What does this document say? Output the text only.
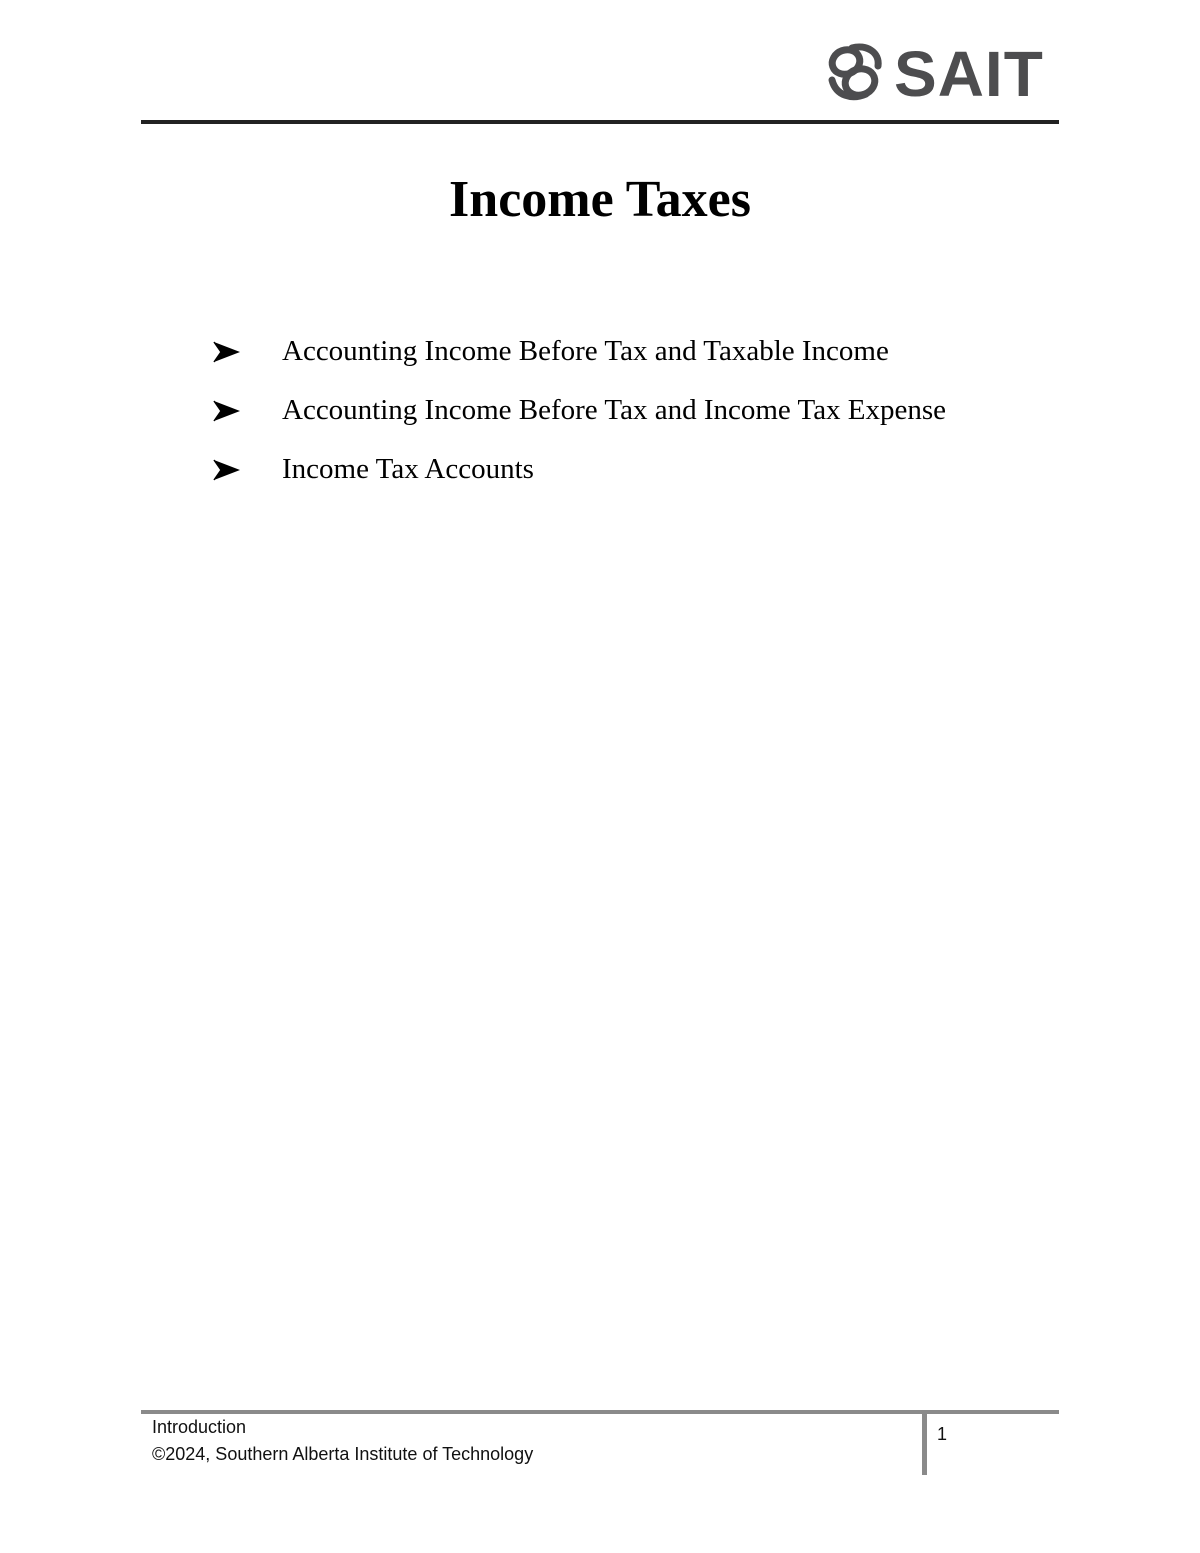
SAIT
Income Taxes
Accounting Income Before Tax and Taxable Income
Accounting Income Before Tax and Income Tax Expense
Income Tax Accounts
Introduction
©2024, Southern Alberta Institute of Technology
1
